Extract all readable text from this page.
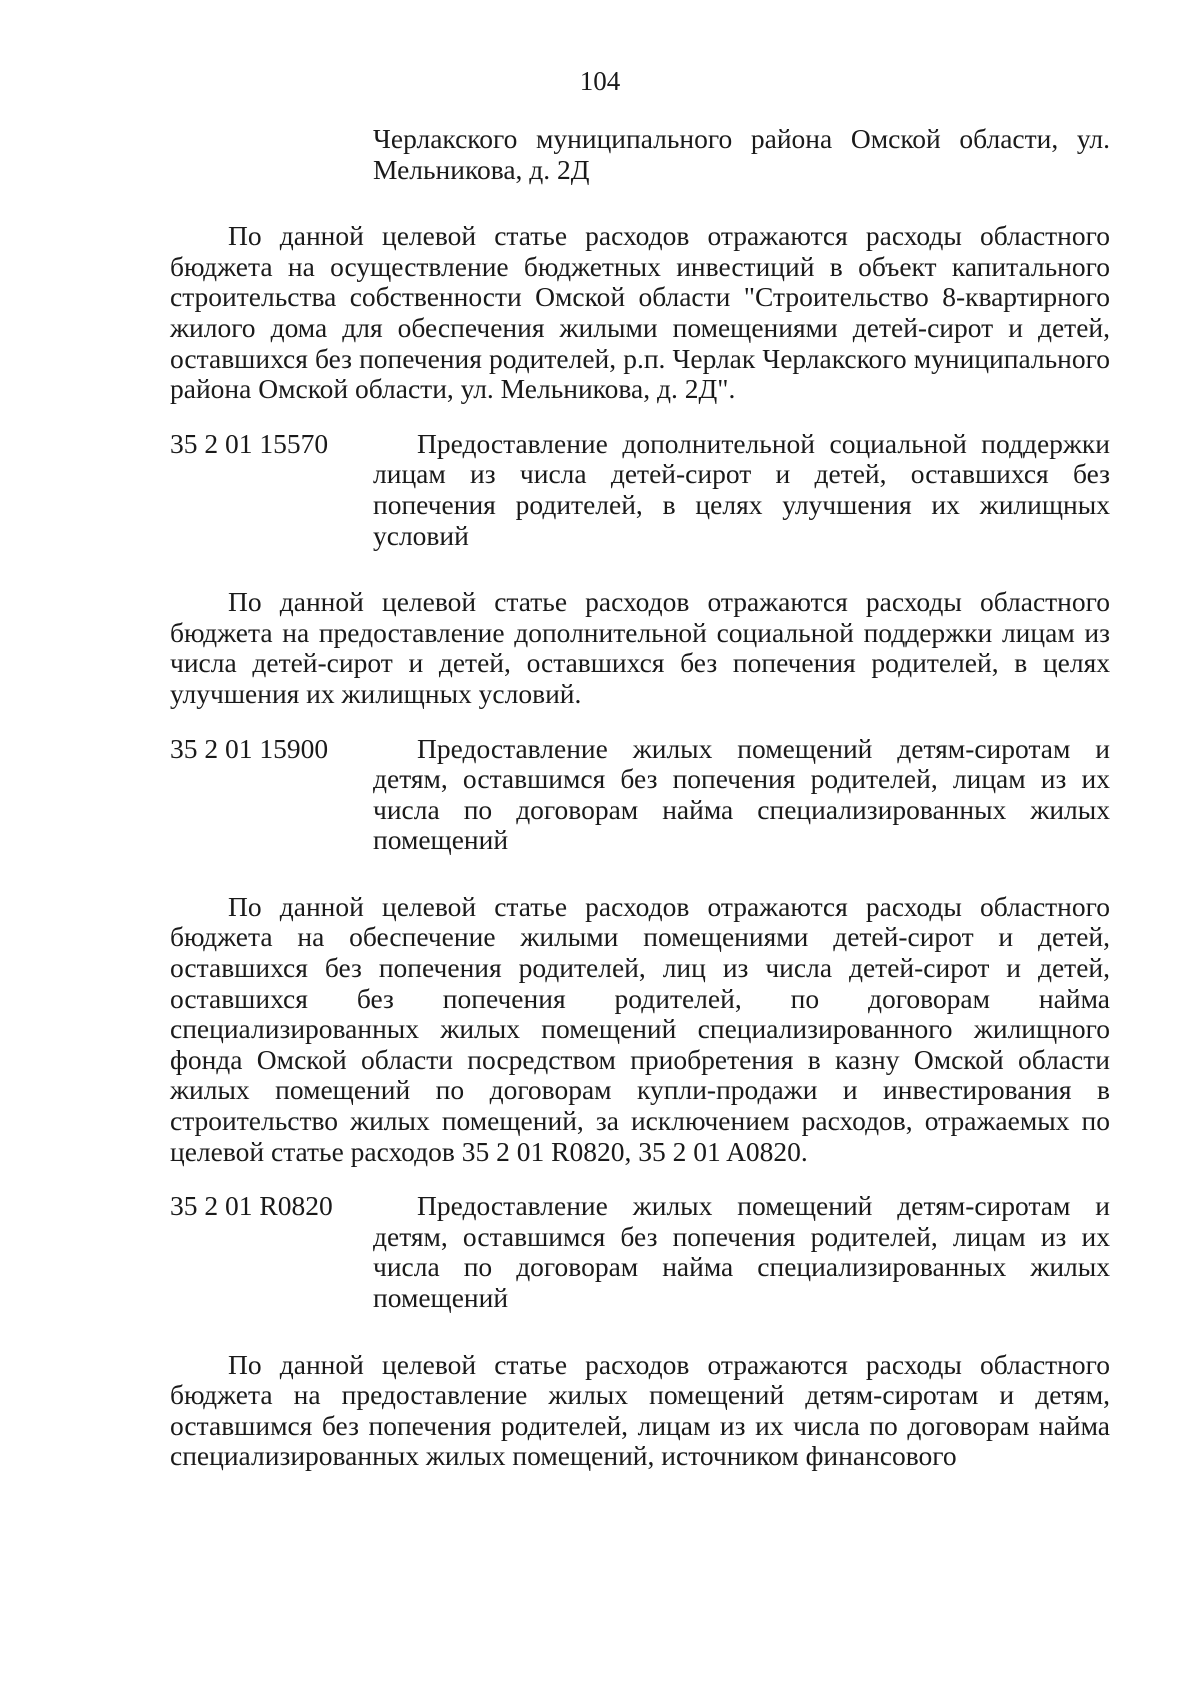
104
Черлакского муниципального района Омской области, ул. Мельникова, д. 2Д
По данной целевой статье расходов отражаются расходы областного бюджета на осуществление бюджетных инвестиций в объект капитального строительства собственности Омской области "Строительство 8-квартирного жилого дома для обеспечения жилыми помещениями детей-сирот и детей, оставшихся без попечения родителей, р.п. Черлак Черлакского муниципального района Омской области, ул. Мельникова, д. 2Д".
35 2 01 15570	Предоставление дополнительной социальной поддержки лицам из числа детей-сирот и детей, оставшихся без попечения родителей, в целях улучшения их жилищных условий
По данной целевой статье расходов отражаются расходы областного бюджета на предоставление дополнительной социальной поддержки лицам из числа детей-сирот и детей, оставшихся без попечения родителей, в целях улучшения их жилищных условий.
35 2 01 15900	Предоставление жилых помещений детям-сиротам и детям, оставшимся без попечения родителей, лицам из их числа по договорам найма специализированных жилых помещений
По данной целевой статье расходов отражаются расходы областного бюджета на обеспечение жилыми помещениями детей-сирот и детей, оставшихся без попечения родителей, лиц из числа детей-сирот и детей, оставшихся без попечения родителей, по договорам найма специализированных жилых помещений специализированного жилищного фонда Омской области посредством приобретения в казну Омской области жилых помещений по договорам купли-продажи и инвестирования в строительство жилых помещений, за исключением расходов, отражаемых по целевой статье расходов 35 2 01 R0820, 35 2 01 A0820.
35 2 01 R0820	Предоставление жилых помещений детям-сиротам и детям, оставшимся без попечения родителей, лицам из их числа по договорам найма специализированных жилых помещений
По данной целевой статье расходов отражаются расходы областного бюджета на предоставление жилых помещений детям-сиротам и детям, оставшимся без попечения родителей, лицам из их числа по договорам найма специализированных жилых помещений, источником финансового
